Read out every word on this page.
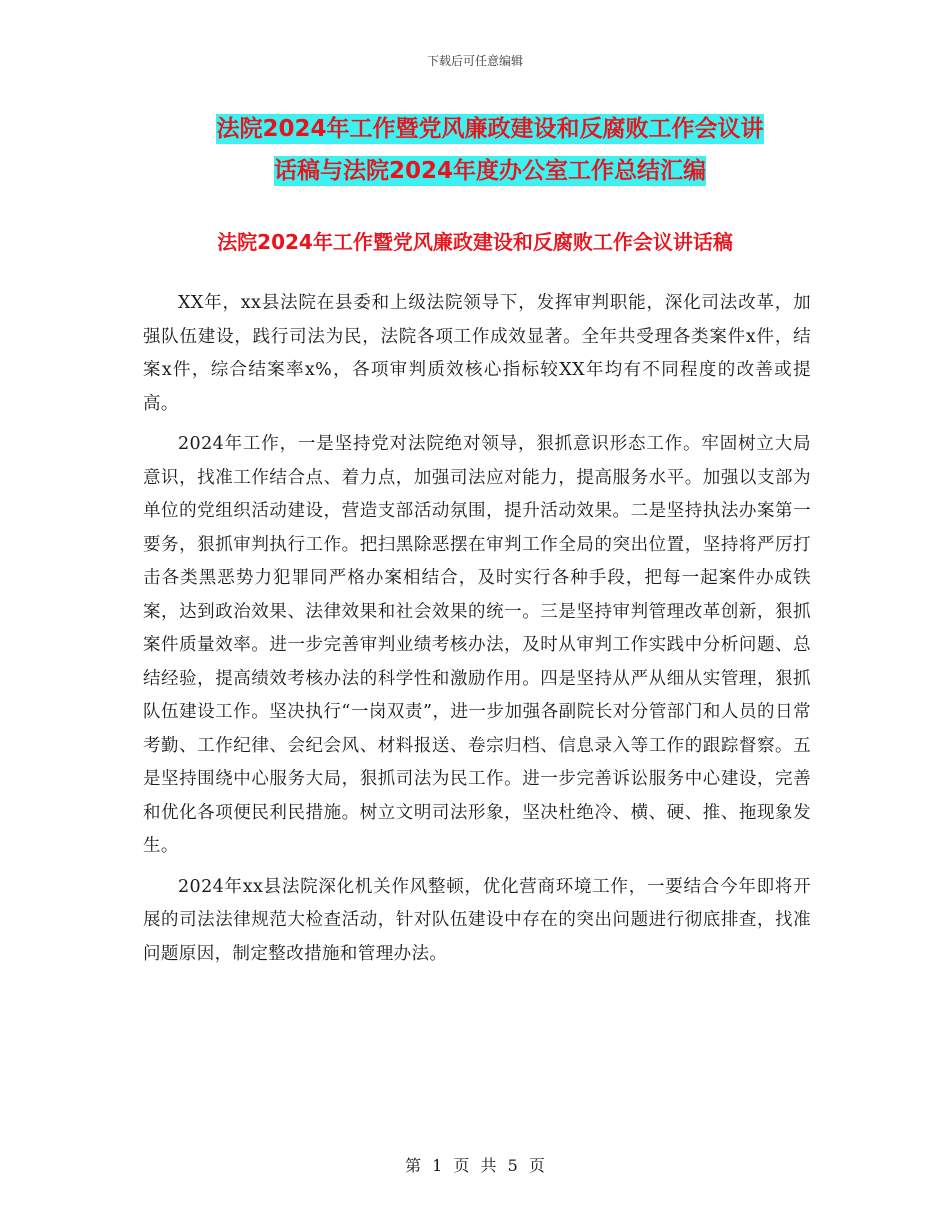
下载后可任意编辑
法院2024年工作暨党风廉政建设和反腐败工作会议讲
话稿与法院2024年度办公室工作总结汇编
法院2024年工作暨党风廉政建设和反腐败工作会议讲话稿

XX年，xx县法院在县委和上级法院领导下，发挥审判职能，深化司法改革，加强队伍建设，践行司法为民，法院各项工作成效显著。全年共受理各类案件x件，结案x件，综合结案率x%，各项审判质效核心指标较XX年均有不同程度的改善或提高。

2024年工作，一是坚持党对法院绝对领导，狠抓意识形态工作。牢固树立大局意识，找准工作结合点、着力点，加强司法应对能力，提高服务水平。加强以支部为单位的党组织活动建设，营造支部活动氛围，提升活动效果。二是坚持执法办案第一要务，狠抓审判执行工作。把扫黑除恶摆在审判工作全局的突出位置，坚持将严厉打击各类黑恶势力犯罪同严格办案相结合，及时实行各种手段，把每一起案件办成铁案，达到政治效果、法律效果和社会效果的统一。三是坚持审判管理改革创新，狠抓案件质量效率。进一步完善审判业绩考核办法，及时从审判工作实践中分析问题、总结经验，提高绩效考核办法的科学性和激励作用。四是坚持从严从细从实管理，狠抓队伍建设工作。坚决执行“一岗双责”，进一步加强各副院长对分管部门和人员的日常考勤、工作纪律、会纪会风、材料报送、卷宗归档、信息录入等工作的跟踪督察。五是坚持围绕中心服务大局，狠抓司法为民工作。进一步完善诉讼服务中心建设，完善和优化各项便民利民措施。树立文明司法形象，坚决杜绝冷、横、硬、推、拖现象发生。

2024年xx县法院深化机关作风整顿，优化营商环境工作，一要结合今年即将开展的司法法律规范大检查活动，针对队伍建设中存在的突出问题进行彻底排查，找准问题原因，制定整改措施和管理办法。

第 1 页 共 5 页
